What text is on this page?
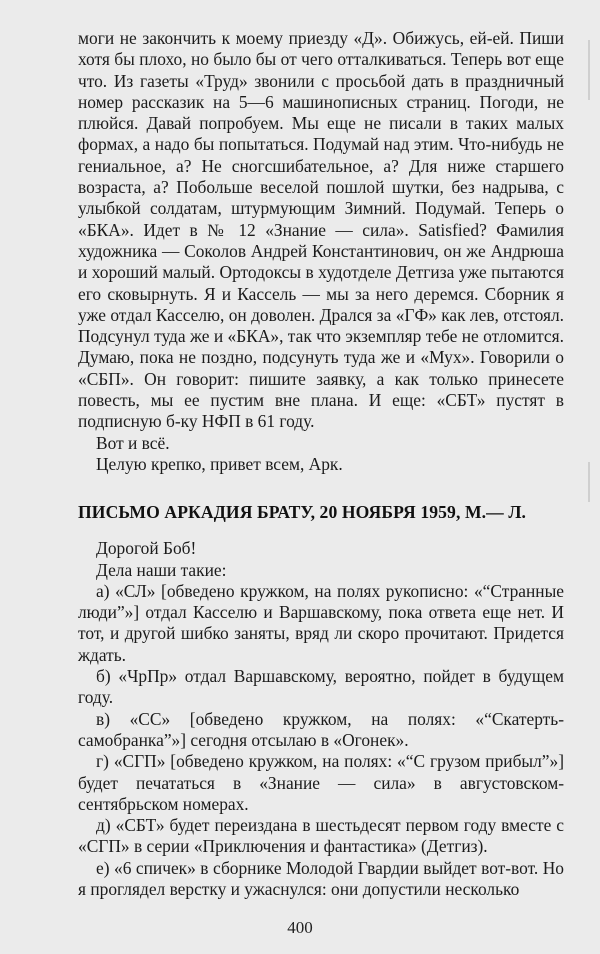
моги не закончить к моему приезду «Д». Обижусь, ей-ей. Пиши хотя бы плохо, но было бы от чего отталкиваться. Теперь вот еще что. Из газеты «Труд» звонили с просьбой дать в праздничный номер рассказик на 5—6 машинописных страниц. Погоди, не плюйся. Давай попробуем. Мы еще не писали в таких малых формах, а надо бы попытаться. Подумай над этим. Что-нибудь не гениальное, а? Не сногсшибательное, а? Для ниже старшего возраста, а? Побольше веселой пошлой шутки, без надрыва, с улыбкой солдатам, штурмующим Зимний. Подумай. Теперь о «БКА». Идет в № 12 «Знание — сила». Satisfied? Фамилия художника — Соколов Андрей Константинович, он же Андрюша и хороший малый. Ортодоксы в худотделе Детгиза уже пытаются его сковырнуть. Я и Кассель — мы за него деремся. Сборник я уже отдал Касселю, он доволен. Дрался за «ГФ» как лев, отстоял. Подсунул туда же и «БКА», так что экземпляр тебе не отломится. Думаю, пока не поздно, подсунуть туда же и «Мух». Говорили о «СБП». Он говорит: пишите заявку, а как только принесете повесть, мы ее пустим вне плана. И еще: «СБТ» пустят в подписную б-ку НФП в 61 году.

Вот и всё.

Целую крепко, привет всем, Арк.

ПИСЬМО АРКАДИЯ БРАТУ, 20 НОЯБРЯ 1959, М.— Л.

Дорогой Боб!

Дела наши такие:

а) «СЛ» [обведено кружком, на полях рукописно: «“Странные люди”»] отдал Касселю и Варшавскому, пока ответа еще нет. И тот, и другой шибко заняты, вряд ли скоро прочитают. Придется ждать.

б) «ЧрПр» отдал Варшавскому, вероятно, пойдет в будущем году.

в) «СС» [обведено кружком, на полях: «“Скатерть-самобранка”»] сегодня отсылаю в «Огонек».

г) «СГП» [обведено кружком, на полях: «“С грузом прибыл”»] будет печататься в «Знание — сила» в августовском-сентябрьском номерах.

д) «СБТ» будет переиздана в шестьдесят первом году вместе с «СГП» в серии «Приключения и фантастика» (Детгиз).

е) «6 спичек» в сборнике Молодой Гвардии выйдет вот-вот. Но я проглядел верстку и ужаснулся: они допустили несколько

400
